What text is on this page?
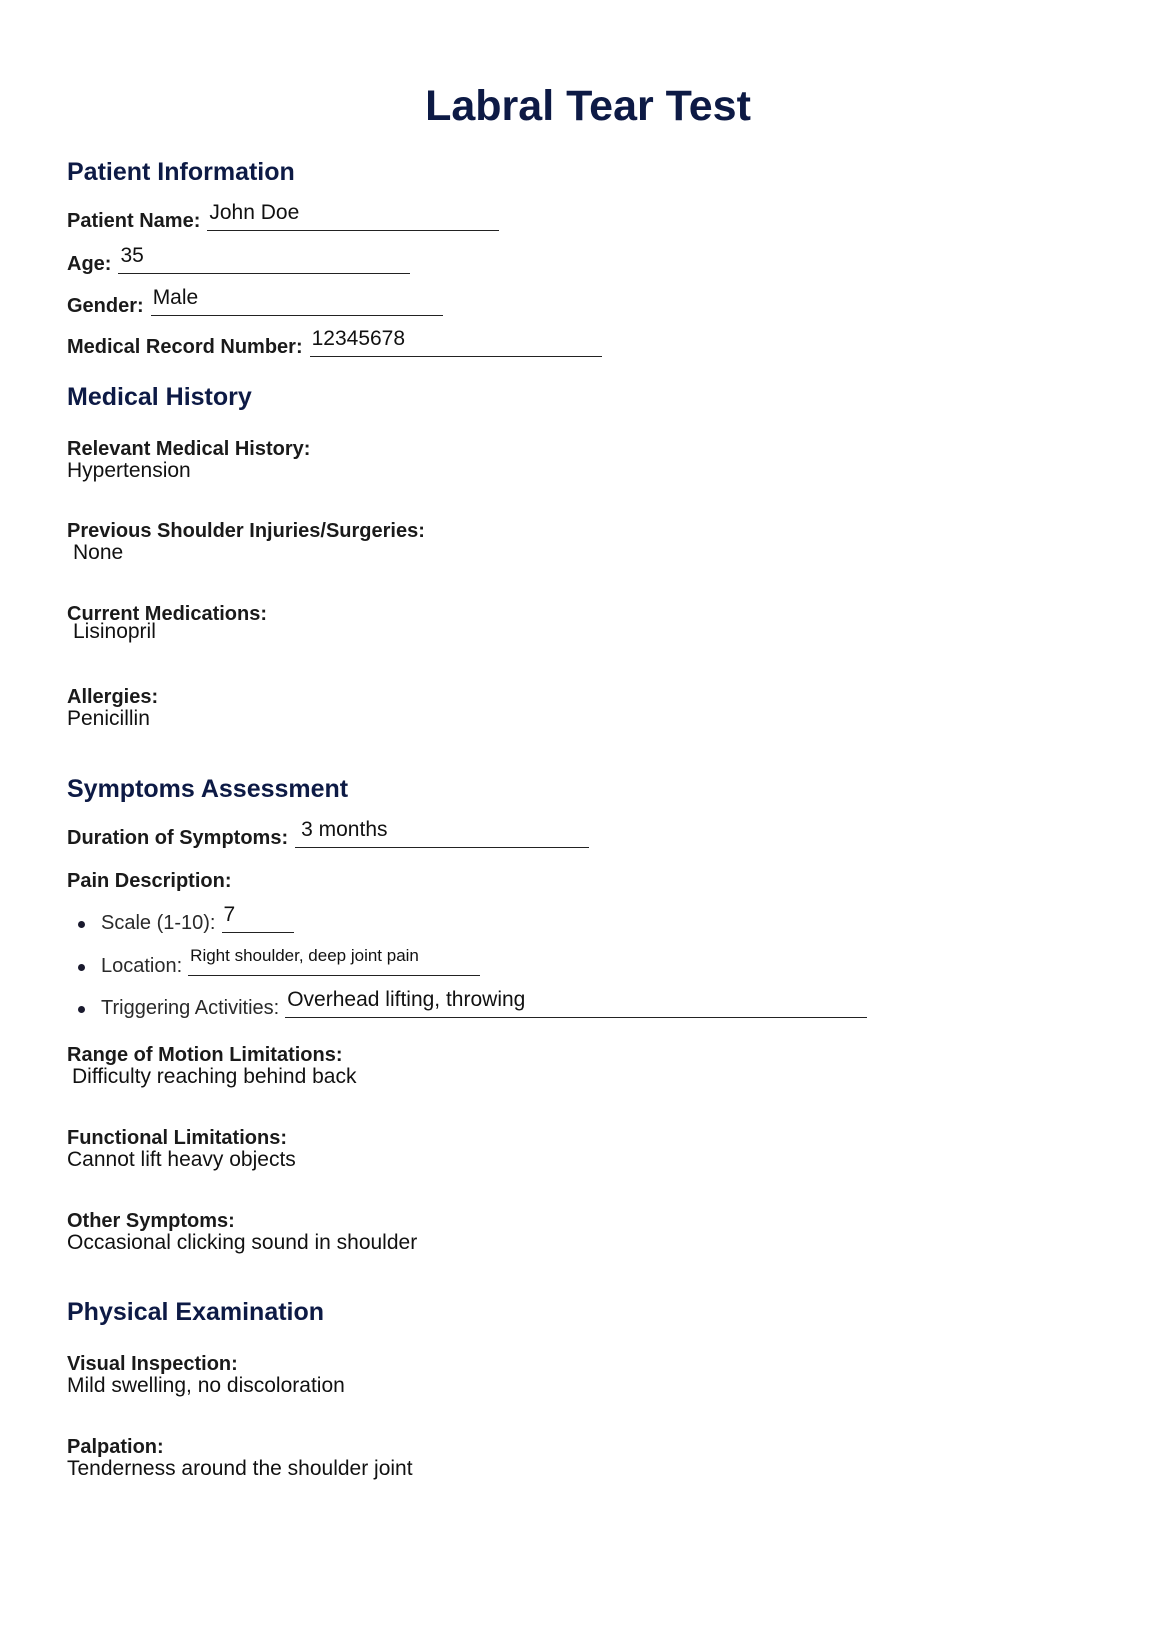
Labral Tear Test
Patient Information
Patient Name: John Doe
Age: 35
Gender: Male
Medical Record Number: 12345678
Medical History
Relevant Medical History:
Hypertension
Previous Shoulder Injuries/Surgeries:
None
Current Medications:
Lisinopril
Allergies:
Penicillin
Symptoms Assessment
Duration of Symptoms: 3 months
Pain Description:
Scale (1-10): 7
Location: Right shoulder, deep joint pain
Triggering Activities: Overhead lifting, throwing
Range of Motion Limitations:
Difficulty reaching behind back
Functional Limitations:
Cannot lift heavy objects
Other Symptoms:
Occasional clicking sound in shoulder
Physical Examination
Visual Inspection:
Mild swelling, no discoloration
Palpation:
Tenderness around the shoulder joint
